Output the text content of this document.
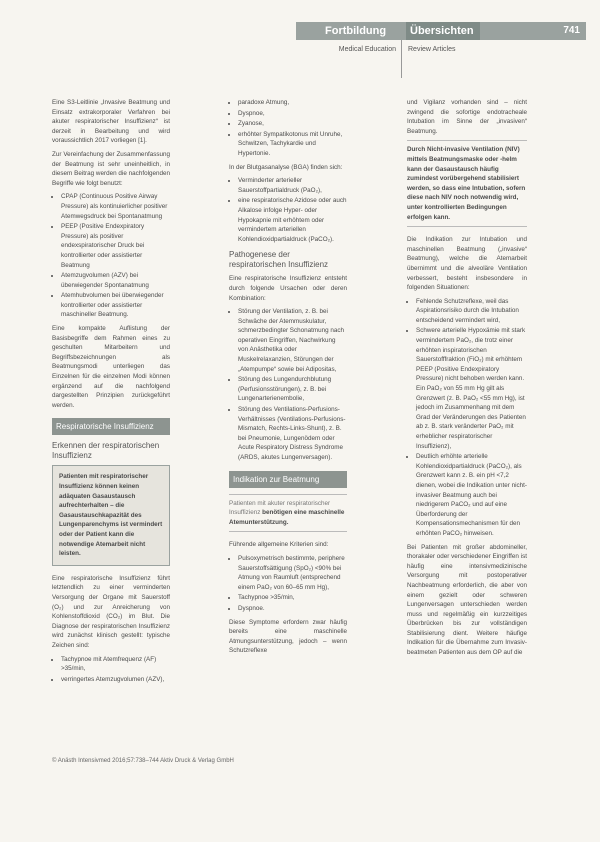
Fortbildung	Übersichten	741
Medical Education Review Articles

Eine S3-Leitlinie „Invasive Beatmung und Einsatz extrakorporaler Verfahren bei akuter respiratorischer Insuffizienz“ ist derzeit in Bearbeitung und wird voraussichtlich 2017 vorliegen [1].

Zur Vereinfachung der Zusammenfassung der Beatmung ist sehr uneinheitlich, in diesem Beitrag werden die nachfolgenden Begriffe wie folgt benutzt:

• CPAP (Continuous Positive Airway Pressure) als kontinuierlicher positiver Atemwegsdruck bei Spontanatmung
• PEEP (Positive Endexpiratory Pressure) als positiver endexspiratorischer Druck bei kontrollierter oder assistierter Beatmung
• Atemzugvolumen (AZV) bei überwiegender Spontanatmung
• Atemhubvolumen bei überwiegender kontrollierter oder assistierter maschineller Beatmung.

Eine kompakte Auflistung der Basisbegriffe dem Rahmen eines zu geschulten Mitarbeitern und Begriffsbezeichnungen als Beatmungsmodi unterliegen das Einzelnen für die einzelnen Modi können ergänzend auf die nachfolgend dargestellten Prinzipien zurückgeführt werden.

Respiratorische Insuffizienz
Erkennen der respiratorischen Insuffizienz
Patienten mit respiratorischer Insuffizienz können keinen adäquaten Gasaustausch aufrechterhalten – die Gasaustauschkapazität des Lungenparenchyms ist vermindert oder der Patient kann die notwendige Atemarbeit nicht leisten.

Eine respiratorische Insuffizienz führt letztendlich zu einer verminderten Versorgung der Organe mit Sauerstoff (O₂) und zur Anreicherung von Kohlenstoffdioxid (CO₂) im Blut. Die Diagnose der respiratorischen Insuffizienz wird zunächst klinisch gestellt: typische Zeichen sind:

• Tachypnoe mit Atemfrequenz (AF) >35/min,
• verringertes Atemzugvolumen (AZV),
• paradoxe Atmung,
• Dyspnoe,
• Zyanose,
• erhöhter Sympatikotonus mit Unruhe, Schwitzen, Tachykardie und Hypertonie.

In der Blutgasanalyse (BGA) finden sich:

• Verminderter arterieller Sauerstoffpartialdruck (PaO₂),
• eine respiratorische Azidose oder auch Alkalose infolge Hyper- oder Hypokapnie mit erhöhtem oder vermindertem arteriellen Kohlendioxidpartialdruck (PaCO₂).
Pathogenese der respiratorischen Insuffizienz

Eine respiratorische Insuffizienz entsteht durch folgende Ursachen oder deren Kombination:

• Störung der Ventilation, z. B. bei Schwäche der Atemmuskulatur, schmerzbedingter Schonatmung nach operativen Eingriffen, Nachwirkung von Anästhetika oder Muskelrelaxanzien, Störungen der „Atempumpe“ sowie bei Adipositas,
• Störung des Lungendurchblutung (Perfusionsstörungen), z. B. bei Lungenarterienembolie,
• Störung des Ventilations-Perfusions-Verhältnisses (Ventilations-Perfusions-Mismatch, Rechts-Links-Shunt), z. B. bei Pneumonie, Lungenödem oder Acute Respiratory Distress Syndrome (ARDS, akutes Lungenversagen).
Indikation zur Beatmung
Patienten mit akuter respiratorischer Insuffizienz benötigen eine maschinelle Atemunterstützung.

Führende allgemeine Kriterien sind:

• Pulsoxymetrisch bestimmte, periphere Sauerstoffsättigung (SpO₂) <90% bei Atmung von Raumluft (entsprechend einem PaO₂ von 60–65 mm Hg),
• Tachypnoe >35/min,
• Dyspnoe.

Diese Symptome erfordern zwar häufig bereits eine maschinelle Atmungsunterstützung, jedoch – wenn Schutzreflexe

und Vigilanz vorhanden sind – nicht zwingend die sofortige endotracheale Intubation im Sinne der „invasiven“ Beatmung.

Durch Nicht-invasive Ventilation (NIV) mittels Beatmungsmaske oder -helm kann der Gasaustausch häufig zumindest vorübergehend stabilisiert werden, so dass eine Intubation, sofern diese nach NIV noch notwendig wird, unter kontrollierten Bedingungen erfolgen kann.

Die Indikation zur Intubation und maschinellen Beatmung („invasive“ Beatmung), welche die Atemarbeit übernimmt und die alveoläre Ventilation verbessert, besteht insbesondere in folgenden Situationen:

• Fehlende Schutzreflexe, weil das Aspirationsrisiko durch die Intubation entscheidend vermindert wird,
• Schwere arterielle Hypoxämie mit stark vermindertem PaO₂, die trotz einer erhöhten inspiratorischen Sauerstofffraktion (FiO₂) mit erhöhtem PEEP (Positive Endexpiratory Pressure) nicht behoben werden kann. Ein PaO₂ von 55 mm Hg gilt als Grenzwert (z. B. PaO₂ <55 mm Hg), ist jedoch im Zusammenhang mit dem Grad der Veränderungen des Patienten ab z. B. stark veränderter PaO₂ mit erheblicher respiratorischer Insuffizienz),
• Deutlich erhöhte arterielle Kohlendioxidpartialdruck (PaCO₂), als Grenzwert kann z. B. ein pH <7,2 dienen, wobei die Indikation unter nicht-invasiver Beatmung auch bei niedrigerem PaCO₂ und auf eine Überforderung der Kompensationsmechanismen für den erhöhten PaCO₂ hinweisen.

Bei Patienten mit großer abdomineller, thorakaler oder verschiedener Eingriffen ist häufig eine intensivmedizinische Versorgung mit postoperativer Nachbeatmung erforderlich, die aber von einem gezielt oder schweren Lungenversagen unterschieden werden muss und regelmäßig ein kurzzeitiges Überbrücken bis zur vollständigen Stabilisierung dient. Weitere häufige Indikation für die Übernahme zum Invasiv-beatmeten Patienten aus dem OP auf die

© Anästh Intensivmed 2016;57:738–744 Aktiv Druck & Verlag GmbH
